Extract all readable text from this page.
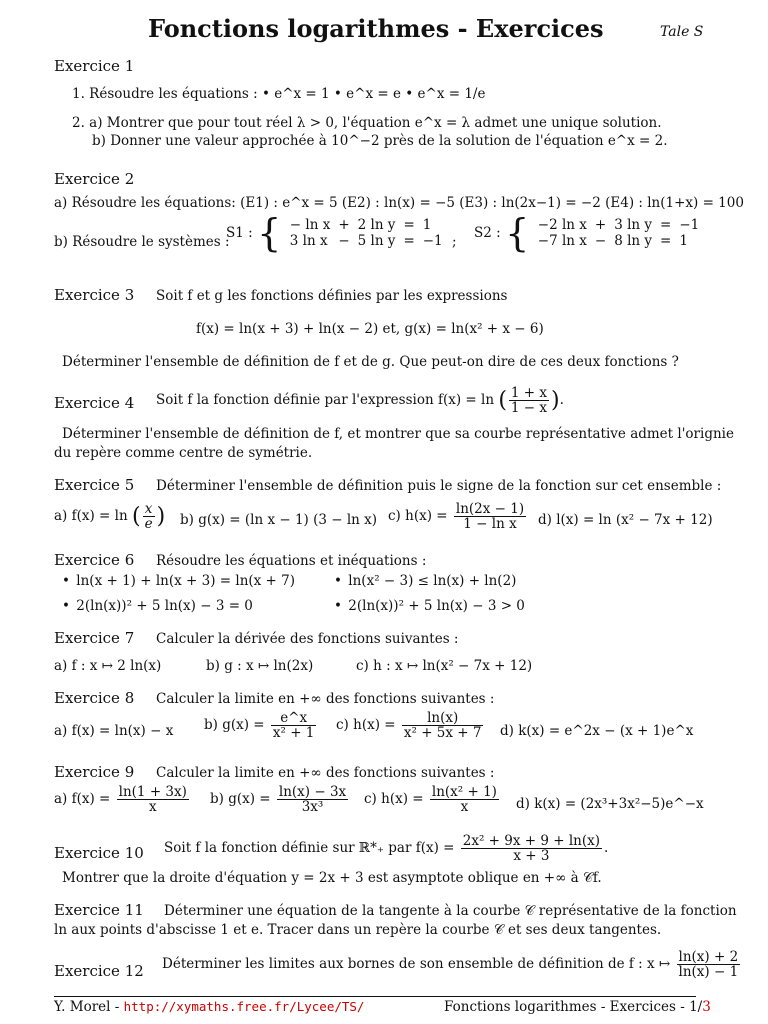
Fonctions logarithmes - Exercices	Tale S
Exercice 1
1. Résoudre les équations : • e^x = 1 • e^x = e • e^x = 1/e
2. a) Montrer que pour tout réel λ > 0, l'équation e^x = λ admet une unique solution.
b) Donner une valeur approchée à 10^−2 près de la solution de l'équation e^x = 2.
Exercice 2
a) Résoudre les équations: (E1) : e^x = 5 (E2) : ln(x) = −5 (E3) : ln(2x−1) = −2 (E4) : ln(1+x) = 100
b) Résoudre le systèmes :
S1 : { − ln x	+	2 ln y	=	1
3 ln x	−	5 ln y	=	−1 ;
S2 : { −2 ln x	+	3 ln y	=	−1
−7 ln x	−	8 ln y	=	1
Exercice 3 Soit f et g les fonctions définies par les expressions
f(x) = ln(x + 3) + ln(x − 2) et, g(x) = ln(x² + x − 6)
Déterminer l'ensemble de définition de f et de g. Que peut-on dire de ces deux fonctions ?
Exercice 4 Soit f la fonction définie par l'expression f(x) = ln ( $\frac{1 + x}{1 - x}$ ).
Déterminer l'ensemble de définition de f, et montrer que sa courbe représentative admet l'orignie
du repère comme centre de symétrie.
Exercice 5 Déterminer l'ensemble de définition puis le signe de la fonction sur cet ensemble :
a) f(x) = ln ( $\frac{x}{e}$ ) b) g(x) = (ln x − 1) (3 − ln x) c) $h(x) = \frac{\ln(2x - 1)}{\text{1 − ln x}} d$) l(x) = ln (x² − 7x + 12)
Exercice 6 Résoudre les équations et inéquations :
• ln(x + 1) + ln(x + 3) = ln(x + 7)	• ln(x² − 3) ≤ ln(x) + ln(2)
• 2(ln(x))² + 5 ln(x) − 3 = 0	• 2(ln(x))² + 5 ln(x) − 3 > 0
Exercice 7 Calculer la dérivée des fonctions suivantes :
a) f : x ↦ 2 ln(x)	b) g : x ↦ ln(2x)	c) h : x ↦ ln(x² − 7x + 12)
Exercice 8 Calculer la limite en +∞ des fonctions suivantes :
a) f(x) = ln(x) − x b) $g(x) = \frac{e\^{}x}{\text{x² + 1}} c$) $h(x) = \frac{\ln(x)}{\text{x² + 5x + 7}} d$) k(x) = e^2x − (x + 1)e^x
Exercice 9 Calculer la limite en +∞ des fonctions suivantes :
a) $f(x) = \frac{\ln(1 + 3x)}{x} b$) $g(x) = \frac{\ln(x) - 3x}{\text{3x³}} c$) $h(x) = \frac{\text{ln(x² + 1)}}{x} d$) k(x) = (2x³+3x²−5)e^−x
Exercice 10 Soit f la fonction définie sur ℝ*₊ par $f(x) = \frac{\text{2x² + 9x + 9 + ln(x)}}{x + 3}$ .
Montrer que la droite d'équation y = 2x + 3 est asymptote oblique en +∞ à 𝒞f.
Exercice 11 Déterminer une équation de la tangente à la courbe 𝒞 représentative de la fonction
ln aux points d'abscisse 1 et e. Tracer dans un repère la courbe 𝒞 et ses deux tangentes.
Exercice 12 Déterminer les limites aux bornes de son ensemble de définition de f : x ↦ $\frac{\ln(x) + 2}{\ln(x) - 1}$
Y. Morel - http://xymaths.free.fr/Lycee/TS/	Fonctions logarithmes - Exercices - 1/3
